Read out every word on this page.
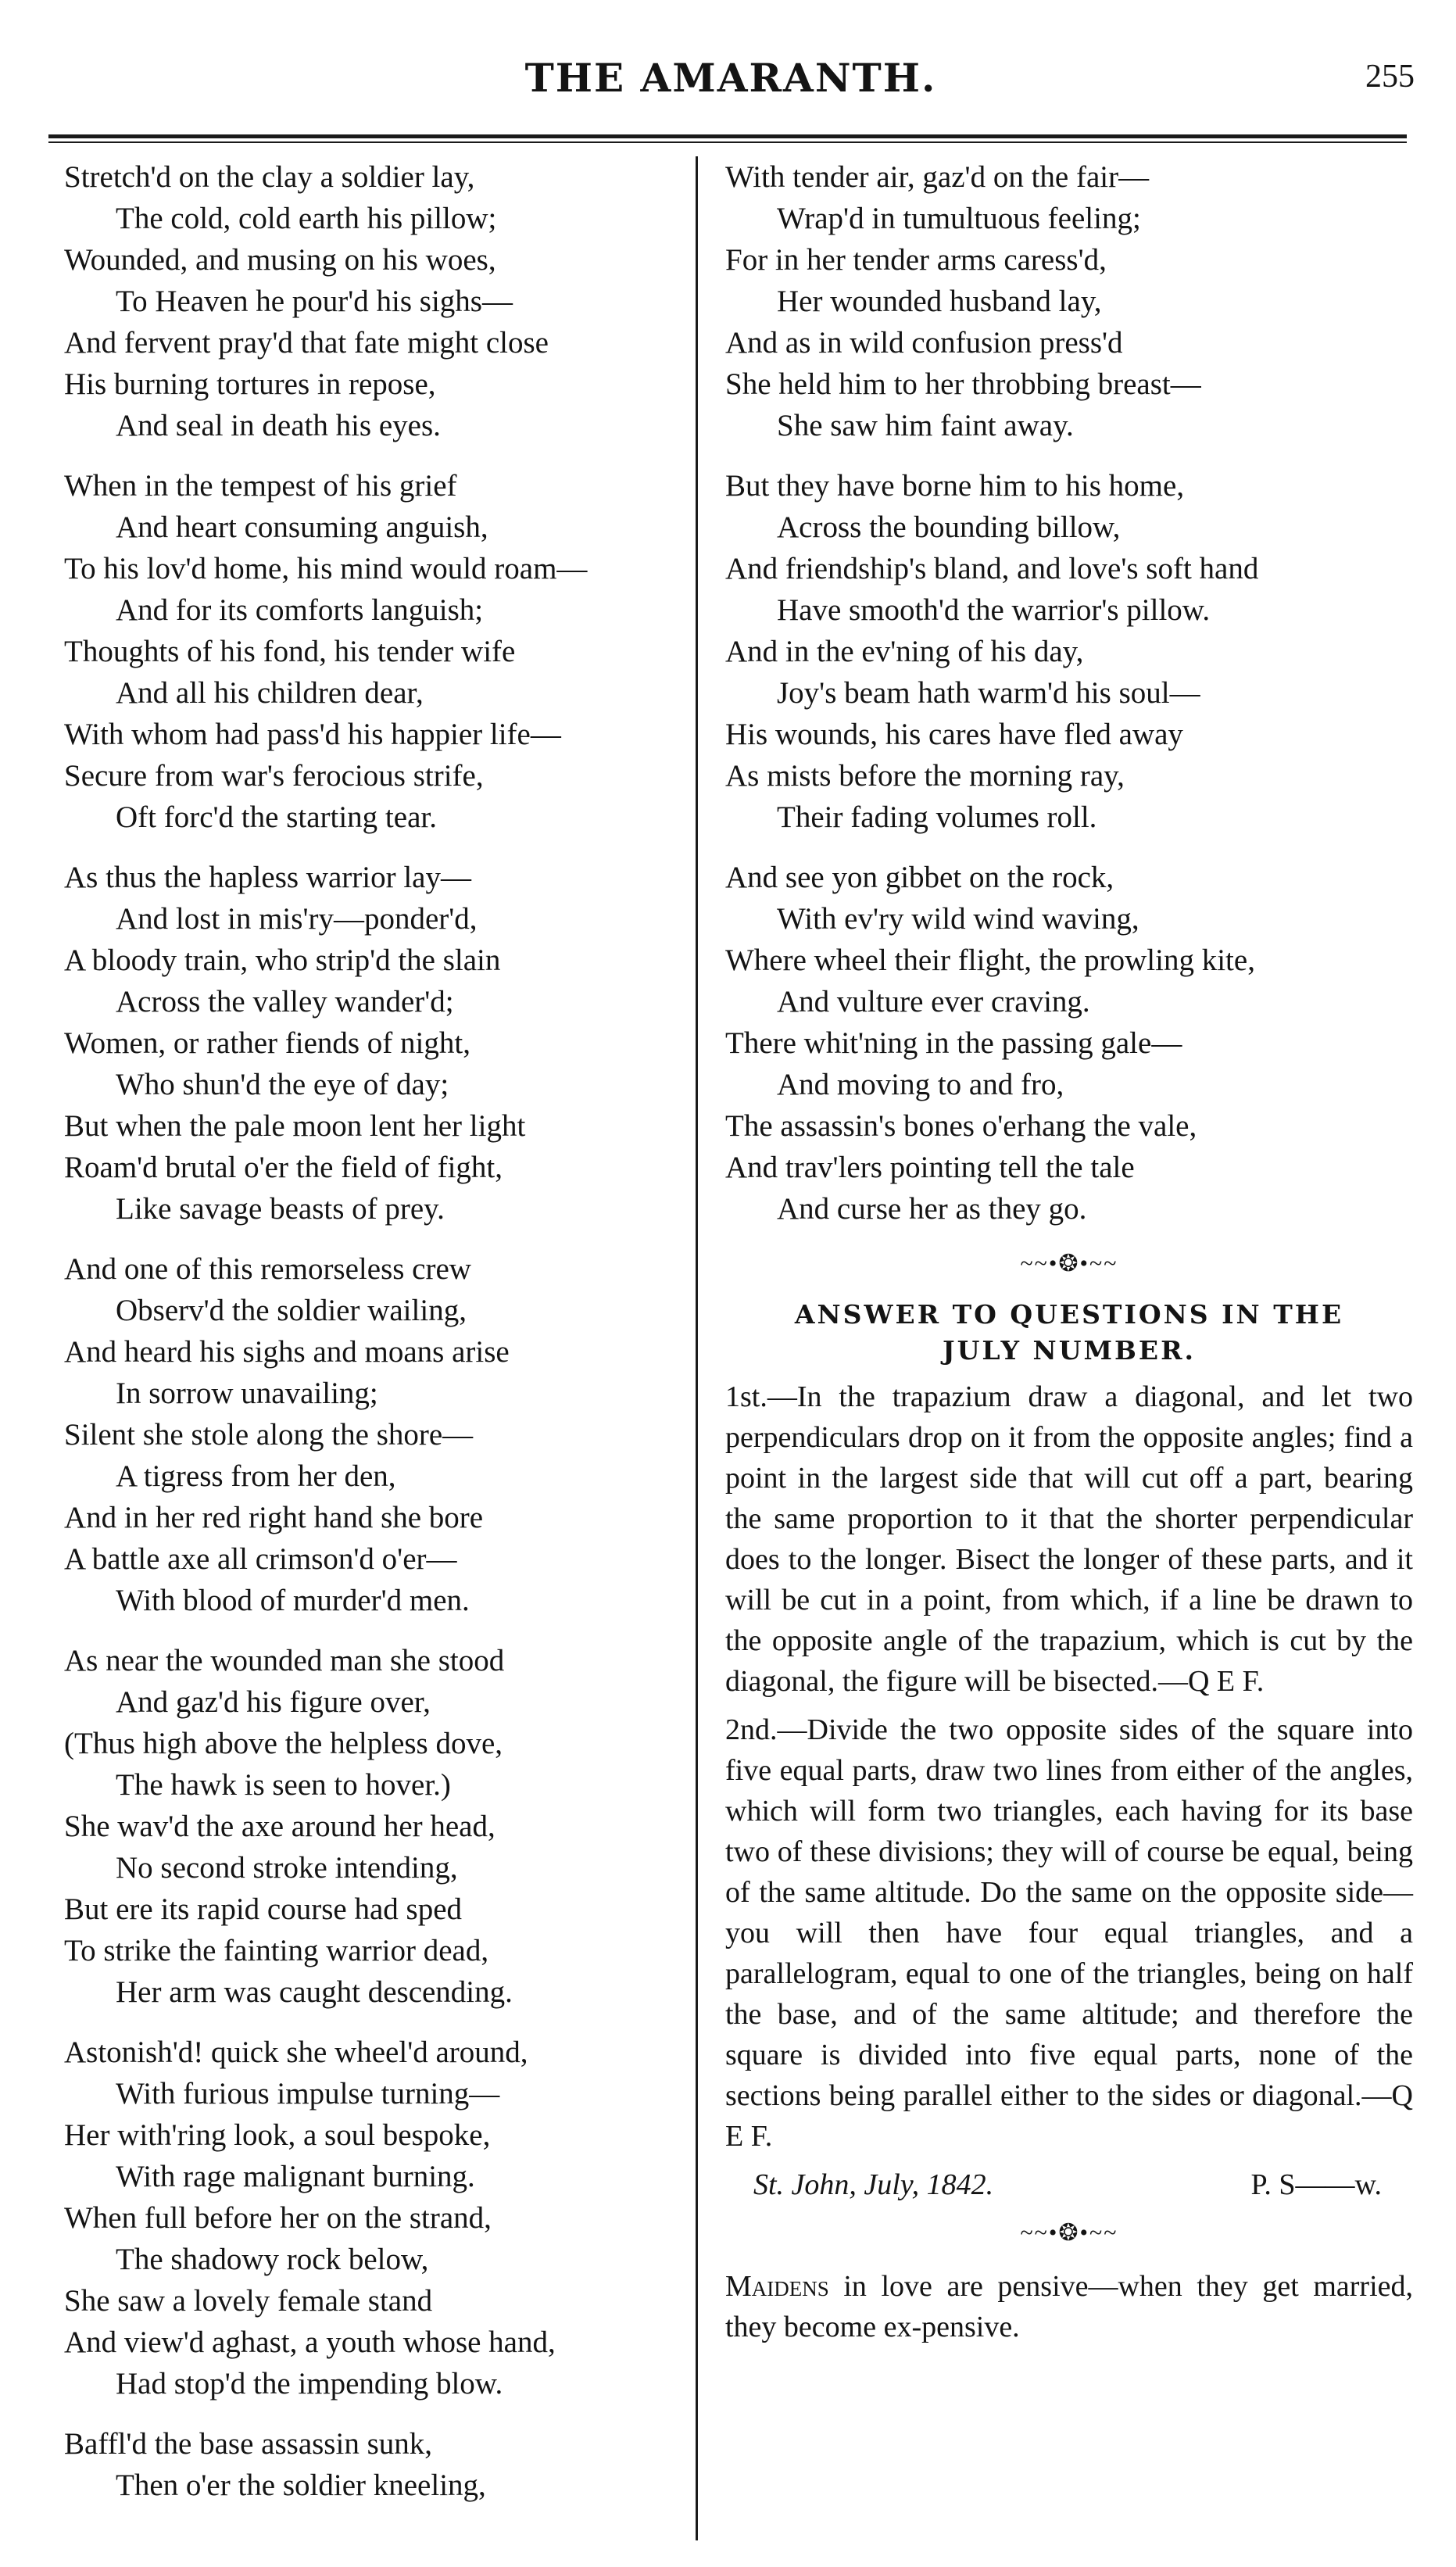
THE AMARANTH.	255
Stretch'd on the clay a soldier lay,
The cold, cold earth his pillow;
Wounded, and musing on his woes,
To Heaven he pour'd his sighs—
And fervent pray'd that fate might close
His burning tortures in repose,
And seal in death his eyes.
When in the tempest of his grief
And heart consuming anguish,
To his lov'd home, his mind would roam—
And for its comforts languish;
Thoughts of his fond, his tender wife
And all his children dear,
With whom had pass'd his happier life—
Secure from war's ferocious strife,
Oft forc'd the starting tear.
As thus the hapless warrior lay—
And lost in mis'ry—ponder'd,
A bloody train, who strip'd the slain
Across the valley wander'd;
Women, or rather fiends of night,
Who shun'd the eye of day;
But when the pale moon lent her light
Roam'd brutal o'er the field of fight,
Like savage beasts of prey.
And one of this remorseless crew
Observ'd the soldier wailing,
And heard his sighs and moans arise
In sorrow unavailing;
Silent she stole along the shore—
A tigress from her den,
And in her red right hand she bore
A battle axe all crimson'd o'er—
With blood of murder'd men.
As near the wounded man she stood
And gaz'd his figure over,
(Thus high above the helpless dove,
The hawk is seen to hover.)
She wav'd the axe around her head,
No second stroke intending,
But ere its rapid course had sped
To strike the fainting warrior dead,
Her arm was caught descending.
Astonish'd! quick she wheel'd around,
With furious impulse turning—
Her with'ring look, a soul bespoke,
With rage malignant burning.
When full before her on the strand,
The shadowy rock below,
She saw a lovely female stand
And view'd aghast, a youth whose hand,
Had stop'd the impending blow.
Baffl'd the base assassin sunk,
Then o'er the soldier kneeling,
With tender air, gaz'd on the fair—
Wrap'd in tumultuous feeling;
For in her tender arms caress'd,
Her wounded husband lay,
And as in wild confusion press'd
She held him to her throbbing breast—
She saw him faint away.
But they have borne him to his home,
Across the bounding billow,
And friendship's bland, and love's soft hand
Have smooth'd the warrior's pillow.
And in the ev'ning of his day,
Joy's beam hath warm'd his soul—
His wounds, his cares have fled away
As mists before the morning ray,
Their fading volumes roll.
And see yon gibbet on the rock,
With ev'ry wild wind waving,
Where wheel their flight, the prowling kite,
And vulture ever craving.
There whit'ning in the passing gale—
And moving to and fro,
The assassin's bones o'erhang the vale,
And trav'lers pointing tell the tale
And curse her as they go.
~~•❂•~~
ANSWER TO QUESTIONS IN THE
JULY NUMBER.
1st.—In the trapazium draw a diagonal, and let two perpendiculars drop on it from the opposite angles; find a point in the largest side that will cut off a part, bearing the same proportion to it that the shorter perpendicular does to the longer. Bisect the longer of these parts, and it will be cut in a point, from which, if a line be drawn to the opposite angle of the trapazium, which is cut by the diagonal, the figure will be bisected.—Q E F.
2nd.—Divide the two opposite sides of the square into five equal parts, draw two lines from either of the angles, which will form two triangles, each having for its base two of these divisions; they will of course be equal, being of the same altitude. Do the same on the opposite side—you will then have four equal triangles, and a parallelogram, equal to one of the triangles, being on half the base, and of the same altitude; and therefore the square is divided into five equal parts, none of the sections being parallel either to the sides or diagonal.—Q E F.
St. John, July, 1842.	P. S——w.
~~•❂•~~
Maidens in love are pensive—when they get married, they become ex-pensive.
